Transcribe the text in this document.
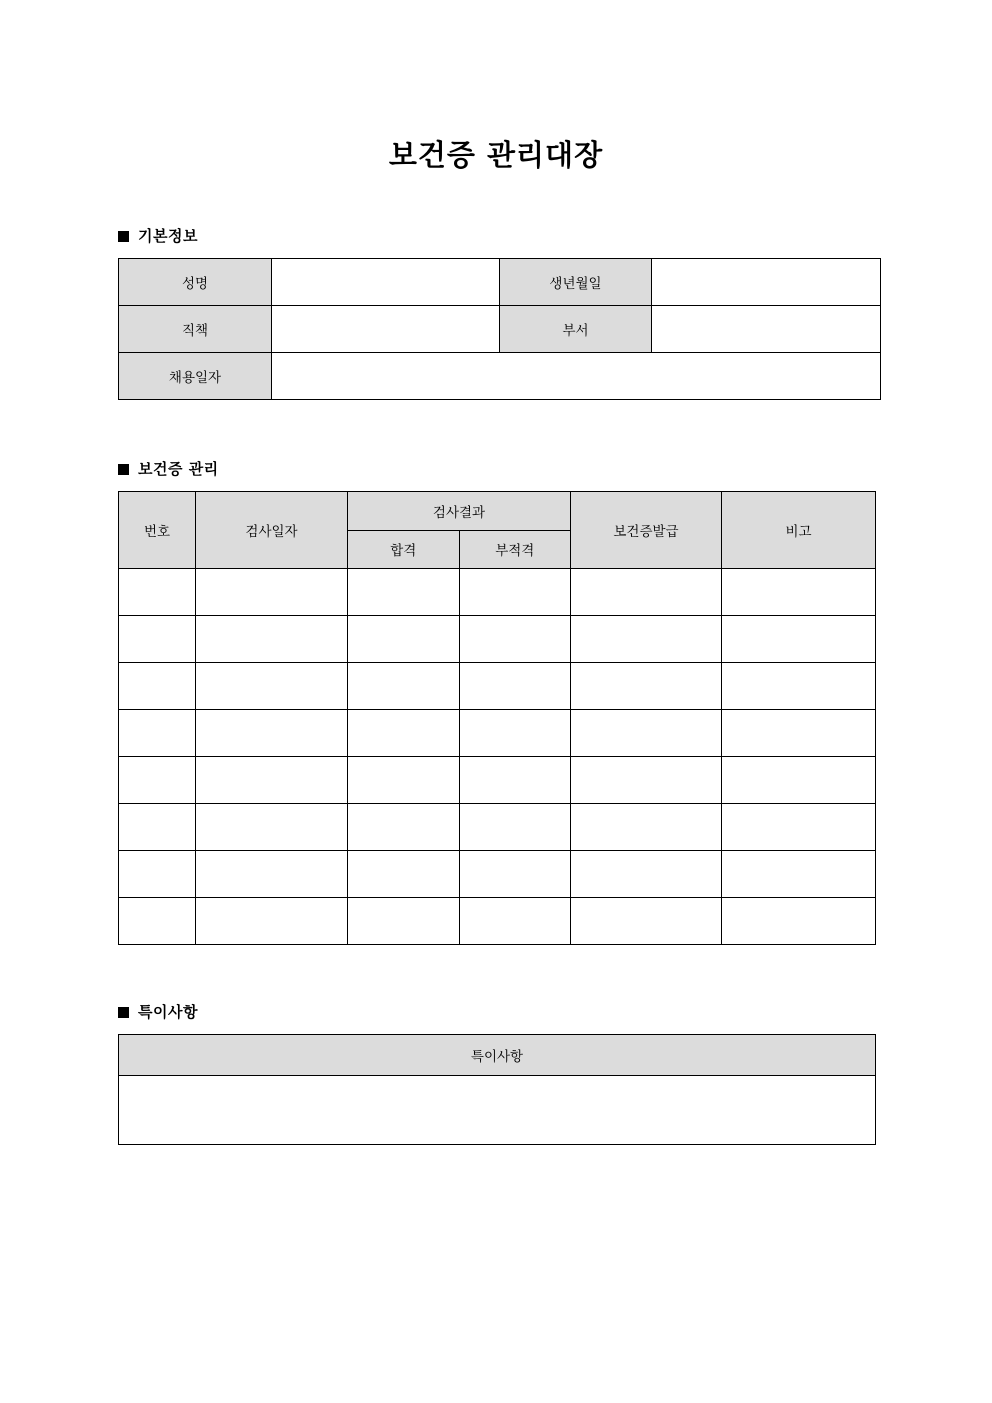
보건증 관리대장
기본정보
성명		생년월일	
직책		부서	
채용일자			
보건증 관리
번호	검사일자	검사결과		보건증발급	비고
		합격	부적격		

특이사항
특이사항
